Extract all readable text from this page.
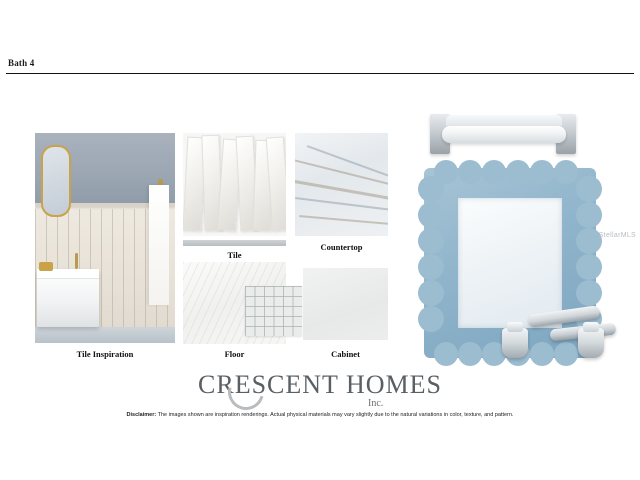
Bath 4
Tile Inspiration
Tile
Countertop
Floor	Cabinet
StellarMLS
CRESCENT HOMES
Inc.
Disclaimer: The images shown are inspiration renderings. Actual physical materials may vary slightly due to the natural variations in color, texture, and pattern.
